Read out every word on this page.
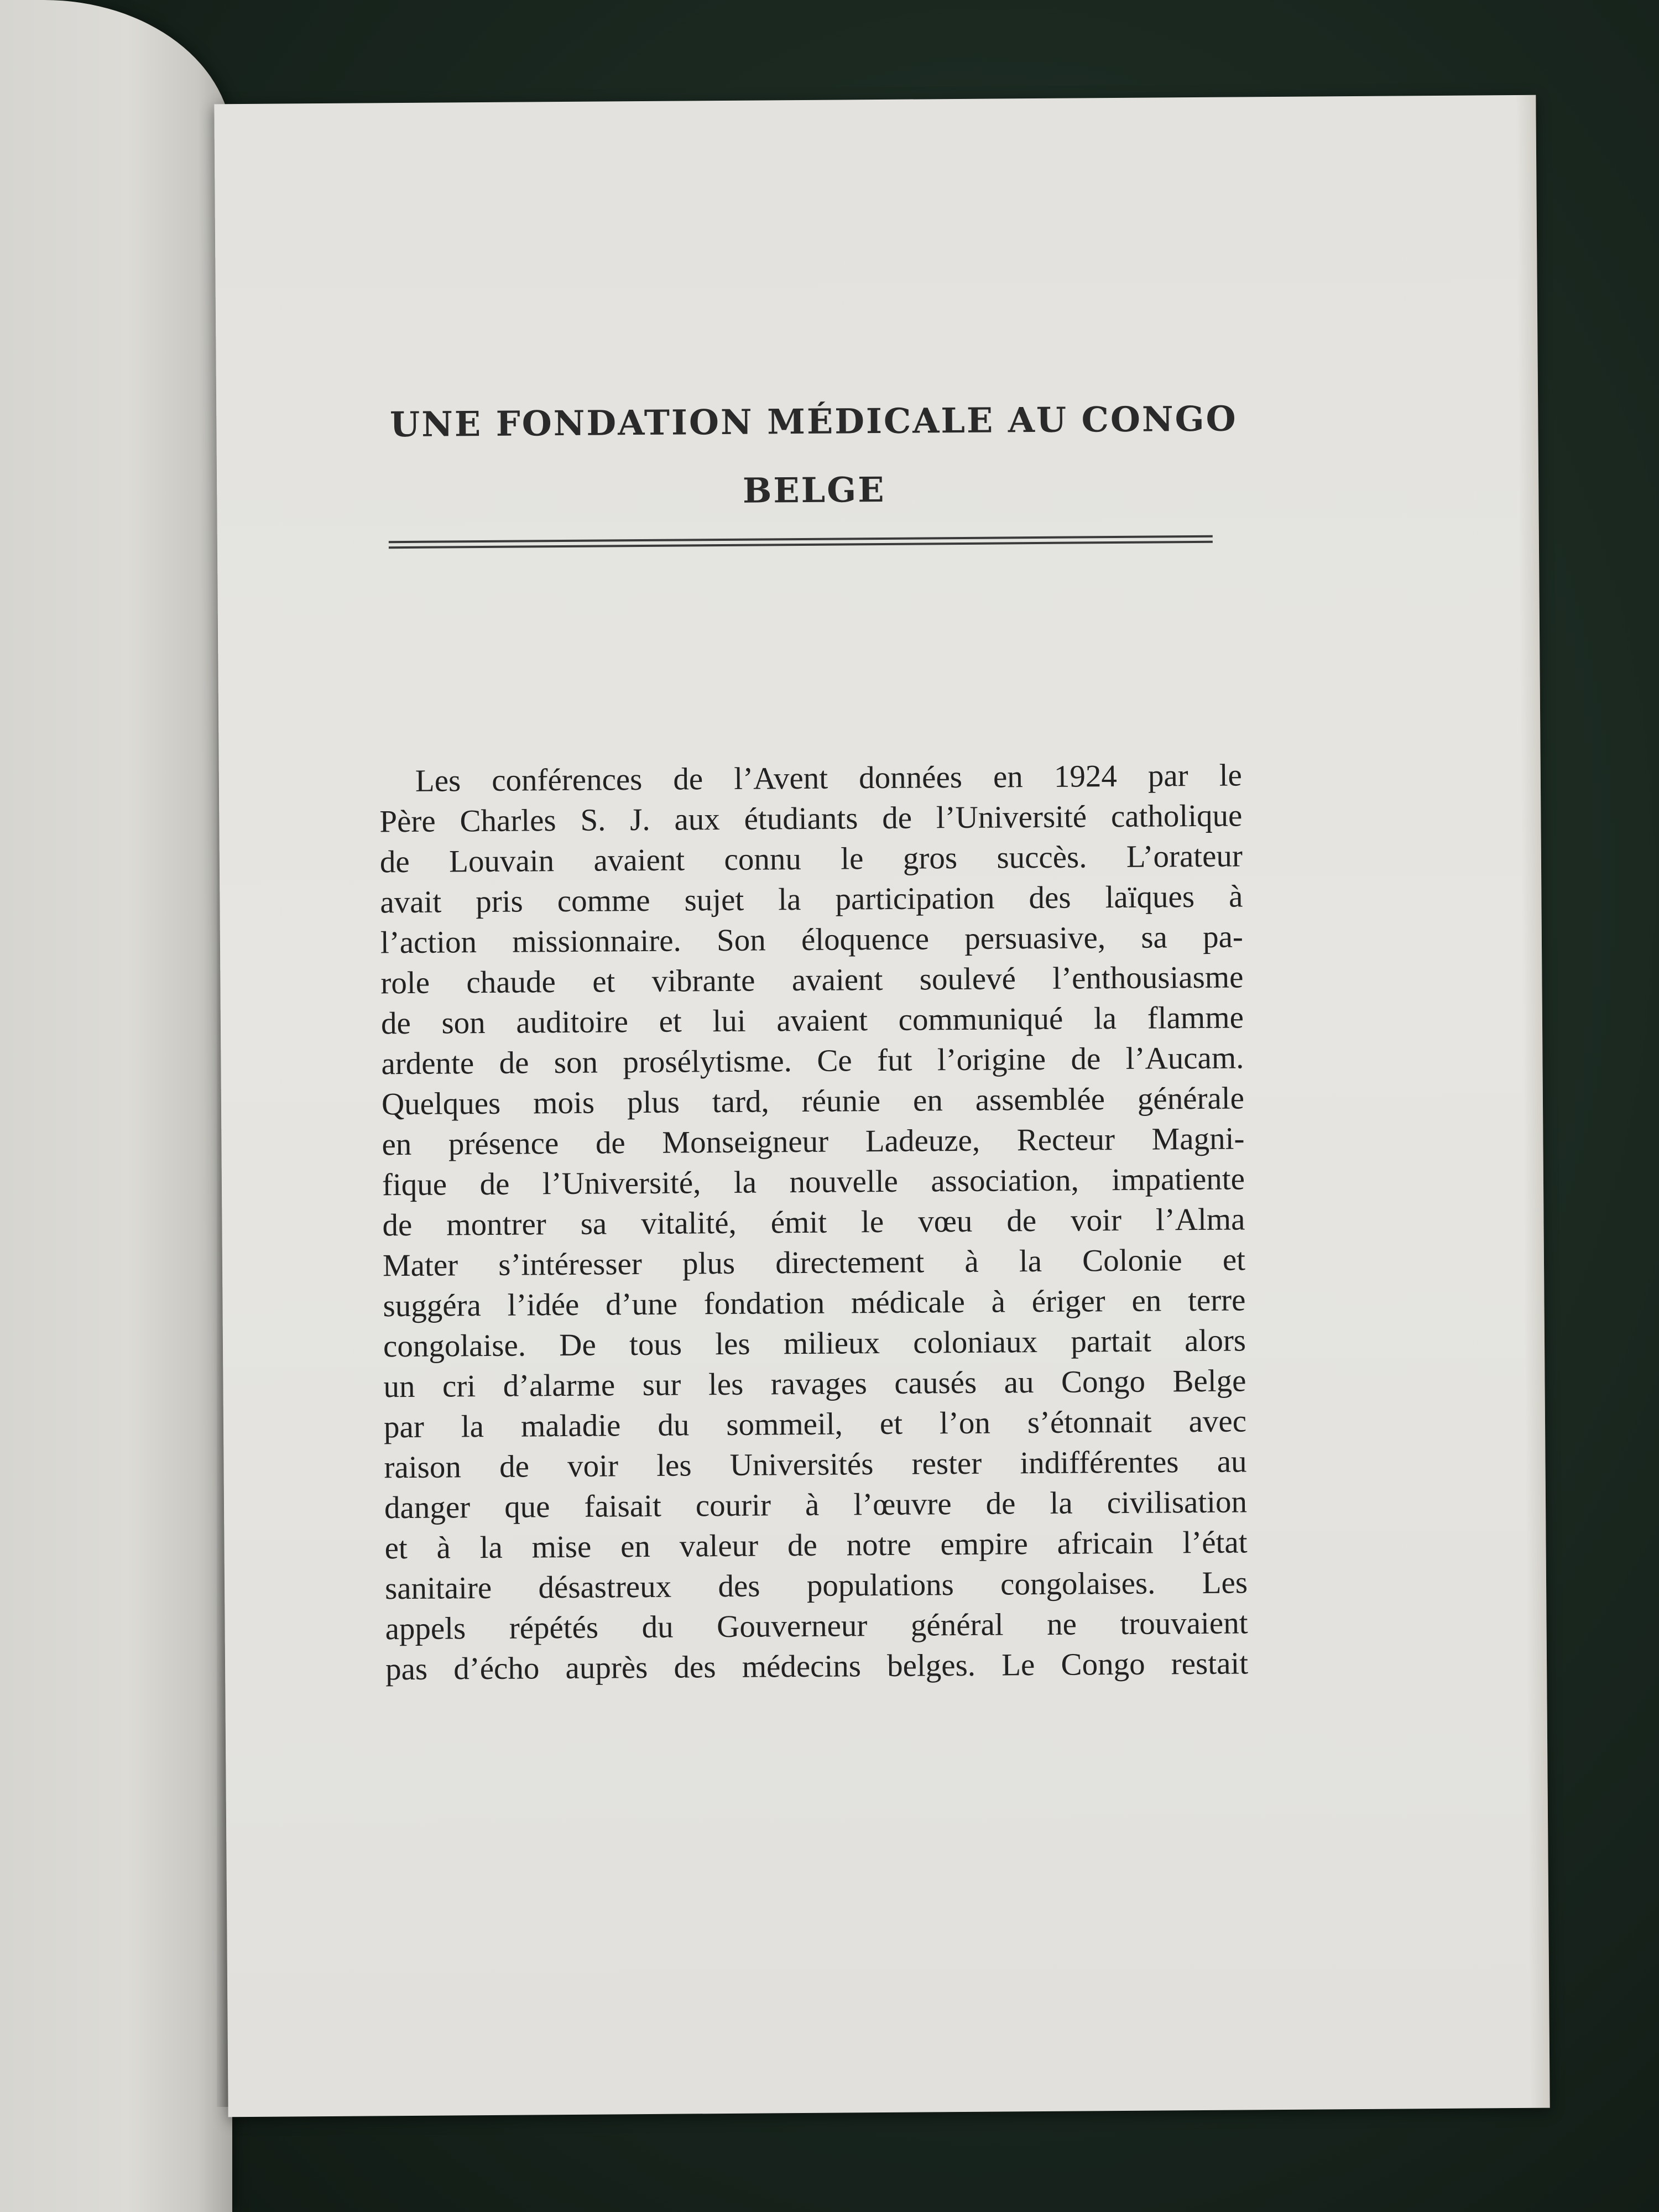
UNE FONDATION MÉDICALE AU CONGO
BELGE
Les conférences de l’Avent données en 1924 par le
Père Charles S. J. aux étudiants de l’Université catholique
de Louvain avaient connu le gros succès. L’orateur
avait pris comme sujet la participation des laïques à
l’action missionnaire. Son éloquence persuasive, sa pa-
role chaude et vibrante avaient soulevé l’enthousiasme
de son auditoire et lui avaient communiqué la flamme
ardente de son prosélytisme. Ce fut l’origine de l’Aucam.
Quelques mois plus tard, réunie en assemblée générale
en présence de Monseigneur Ladeuze, Recteur Magni-
fique de l’Université, la nouvelle association, impatiente
de montrer sa vitalité, émit le vœu de voir l’Alma
Mater s’intéresser plus directement à la Colonie et
suggéra l’idée d’une fondation médicale à ériger en terre
congolaise. De tous les milieux coloniaux partait alors
un cri d’alarme sur les ravages causés au Congo Belge
par la maladie du sommeil, et l’on s’étonnait avec
raison de voir les Universités rester indifférentes au
danger que faisait courir à l’œuvre de la civilisation
et à la mise en valeur de notre empire africain l’état
sanitaire désastreux des populations congolaises. Les
appels répétés du Gouverneur général ne trouvaient
pas d’écho auprès des médecins belges. Le Congo restait
